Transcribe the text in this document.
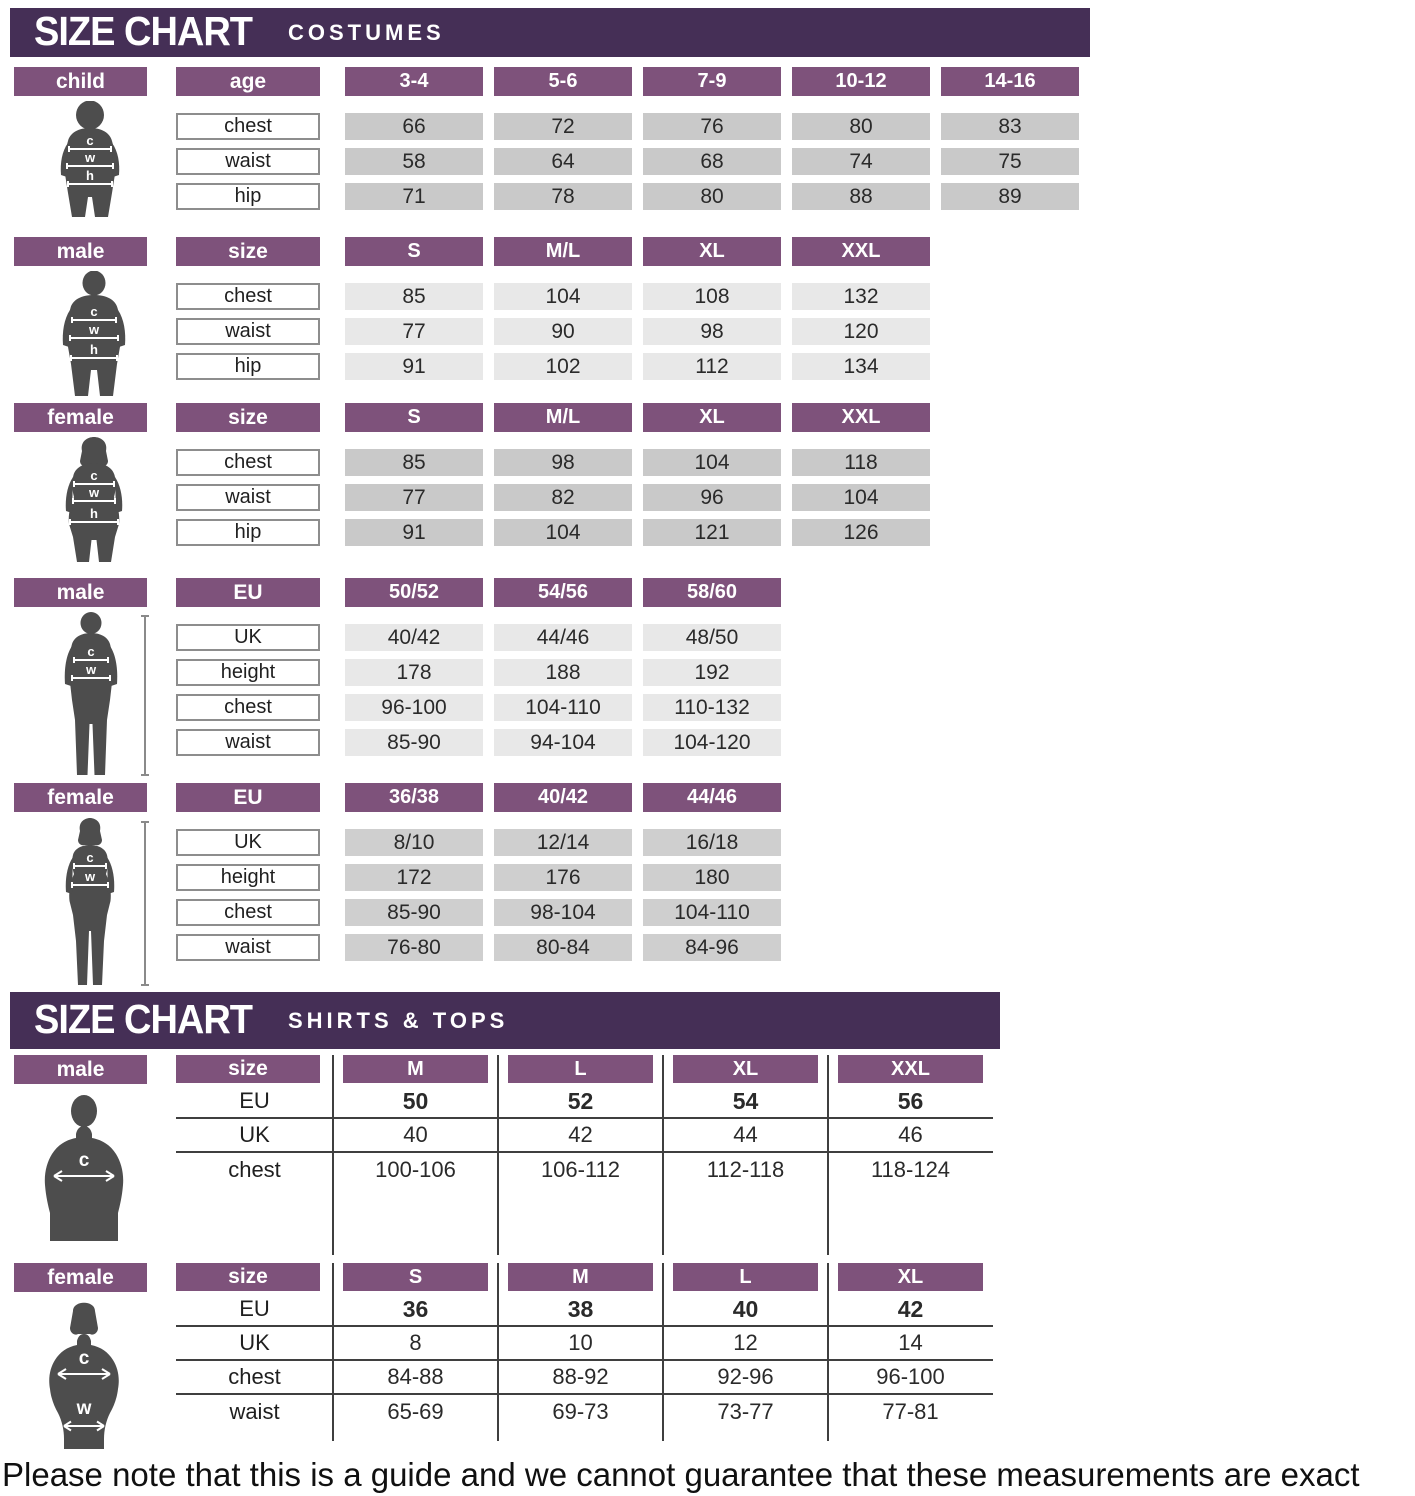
SIZE CHART COSTUMES
child
c
w
h
age	3-4	5-6	7-9	10-12	14-16
chest	66	72	76	80	83
waist	58	64	68	74	75
hip	71	78	80	88	89
male
c
w
h
size	S	M/L	XL	XXL
chest	85	104	108	132
waist	77	90	98	120
hip	91	102	112	134
female
c
w
h
size	S	M/L	XL	XXL
chest	85	98	104	118
waist	77	82	96	104
hip	91	104	121	126
male
h
c
w
EU	50/52	54/56	58/60
UK	40/42	44/46	48/50
height	178	188	192
chest	96-100	104-110	110-132
waist	85-90	94-104	104-120
female
h
c
w
EU	36/38	40/42	44/46
UK	8/10	12/14	16/18
height	172	176	180
chest	85-90	98-104	104-110
waist	76-80	80-84	84-96
SIZE CHART SHIRTS & TOPS
male
c
size	M	L	XL	XXL
EU	50	52	54	56
UK	40	42	44	46
chest	100-106	106-112	112-118	118-124
female
c
w
size	S	M	L	XL
EU	36	38	40	42
UK	8	10	12	14
chest	84-88	88-92	92-96	96-100
waist	65-69	69-73	73-77	77-81

Please note that this is a guide and we cannot guarantee that these measurements are exact
